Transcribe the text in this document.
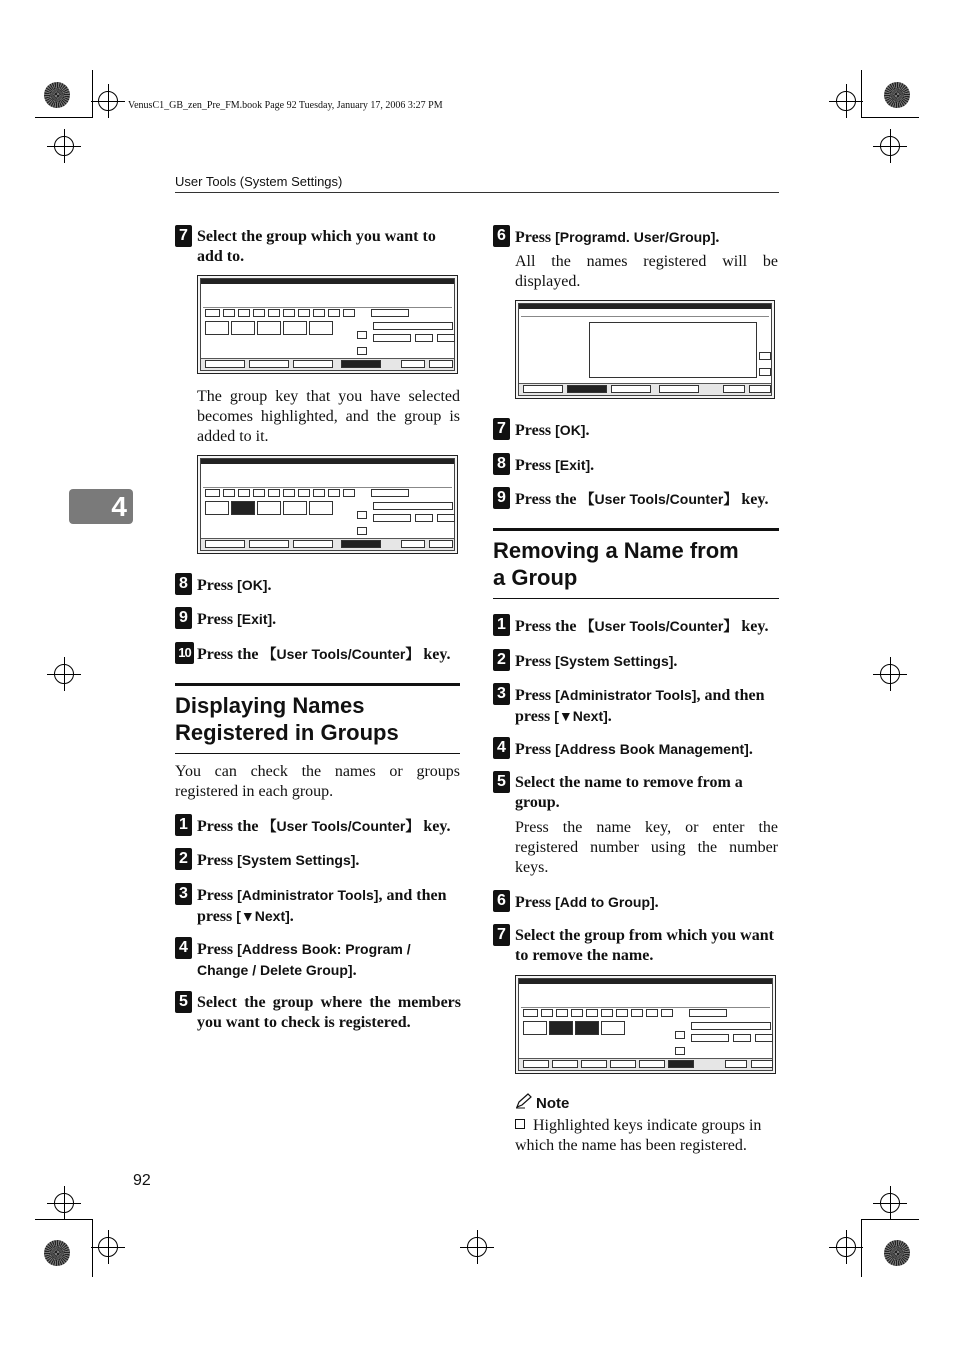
VenusC1_GB_zen_Pre_FM.book Page 92 Tuesday, January 17, 2006 3:27 PM
User Tools (System Settings)
4
7 Select the group which you want to add to.
The group key that you have selected becomes highlighted, and the group is added to it.
8 Press [OK].
9 Press [Exit].
10 Press the 【User Tools/Counter】 key.
Displaying Names Registered in Groups
You can check the names or groups registered in each group.
1 Press the 【User Tools/Counter】 key.
2 Press [System Settings].
3 Press [Administrator Tools], and then press [▼Next].
4 Press [Address Book: Program / Change / Delete Group].
5 Select the group where the members you want to check is registered.
6 Press [Programd. User/Group].
All the names registered will be displayed.
7 Press [OK].
8 Press [Exit].
9 Press the 【User Tools/Counter】 key.
Removing a Name from a Group
1 Press the 【User Tools/Counter】 key.
2 Press [System Settings].
3 Press [Administrator Tools], and then press [▼Next].
4 Press [Address Book Management].
5 Select the name to remove from a group.
Press the name key, or enter the registered number using the number keys.
6 Press [Add to Group].
7 Select the group from which you want to remove the name.
Note
Highlighted keys indicate groups in which the name has been registered.
92
